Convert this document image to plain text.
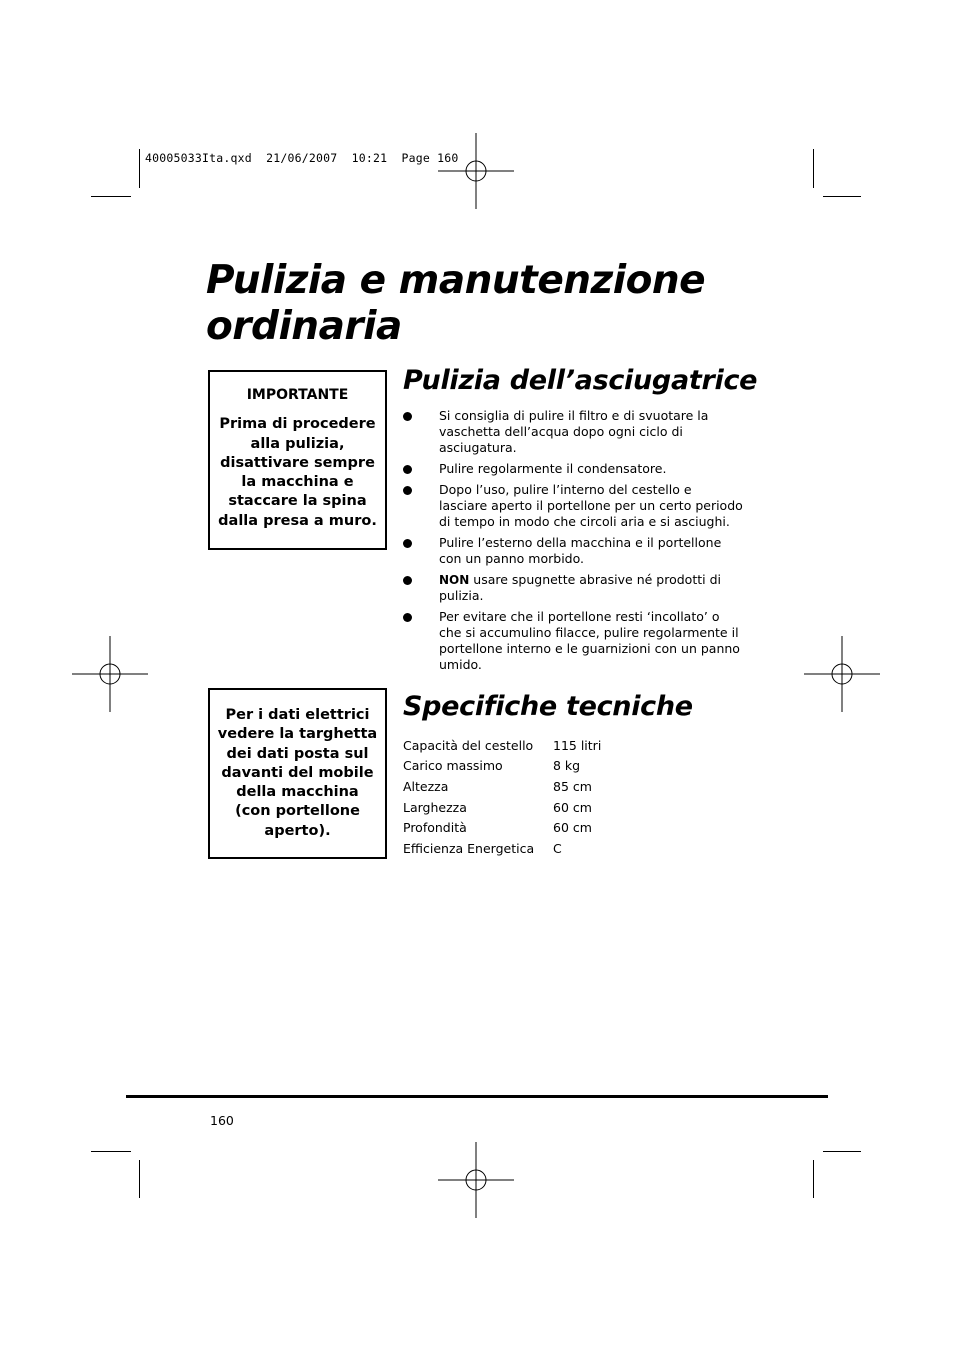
40005033Ita.qxd 21/06/2007 10:21 Page 160
Pulizia e manutenzione
ordinaria
IMPORTANTE
Prima di procedere alla pulizia, disattivare sempre la macchina e staccare la spina dalla presa a muro.
Pulizia dell’asciugatrice
Si consiglia di pulire il filtro e di svuotare la vaschetta dell’acqua dopo ogni ciclo di asciugatura.
Pulire regolarmente il condensatore.
Dopo l’uso, pulire l’interno del cestello e lasciare aperto il portellone per un certo periodo di tempo in modo che circoli aria e si asciughi.
Pulire l’esterno della macchina e il portellone con un panno morbido.
NON usare spugnette abrasive né prodotti di pulizia.
Per evitare che il portellone resti ‘incollato’ o che si accumulino filacce, pulire regolarmente il portellone interno e le guarnizioni con un panno umido.
Per i dati elettrici vedere la targhetta dei dati posta sul davanti del mobile della macchina (con portellone aperto).
Specifiche tecniche
Capacità del cestello	115 litri
Carico massimo	8 kg
Altezza	85 cm
Larghezza	60 cm
Profondità	60 cm
Efficienza Energetica	C
160
